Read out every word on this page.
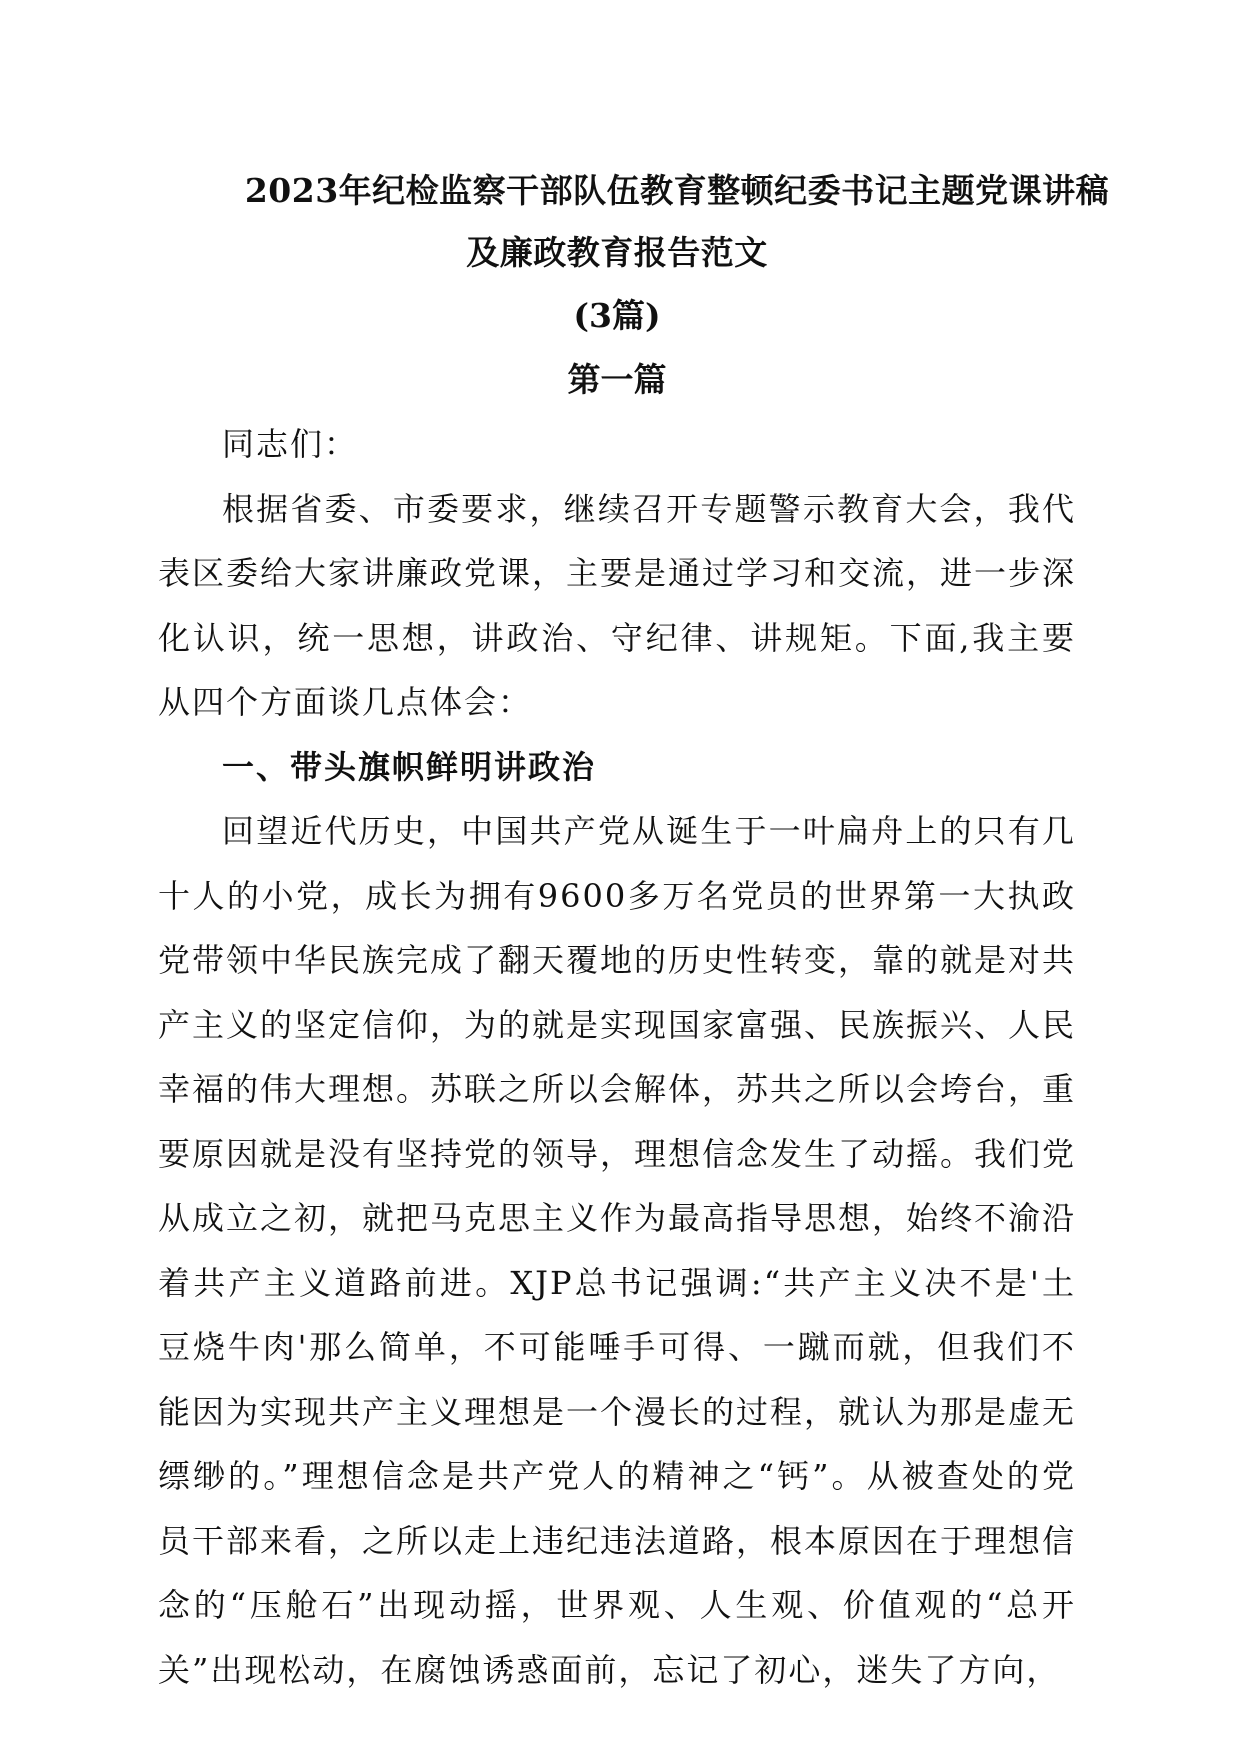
2023年纪检监察干部队伍教育整顿纪委书记主题党课讲稿
及廉政教育报告范文

(3篇)

第一篇

同志们：

根据省委、市委要求，继续召开专题警示教育大会，我代表区委给大家讲廉政党课，主要是通过学习和交流，进一步深化认识，统一思想，讲政治、守纪律、讲规矩。下面,我主要从四个方面谈几点体会：

一、带头旗帜鲜明讲政治

回望近代历史，中国共产党从诞生于一叶扁舟上的只有几十人的小党，成长为拥有9600多万名党员的世界第一大执政党带领中华民族完成了翻天覆地的历史性转变，靠的就是对共产主义的坚定信仰，为的就是实现国家富强、民族振兴、人民幸福的伟大理想。苏联之所以会解体，苏共之所以会垮台，重要原因就是没有坚持党的领导，理想信念发生了动摇。我们党从成立之初，就把马克思主义作为最高指导思想，始终不渝沿着共产主义道路前进。XJP总书记强调:“共产主义决不是'土豆烧牛肉'那么简单，不可能唾手可得、一蹴而就，但我们不能因为实现共产主义理想是一个漫长的过程，就认为那是虚无缥缈的。”理想信念是共产党人的精神之“钙”。从被查处的党员干部来看，之所以走上违纪违法道路，根本原因在于理想信念的“压舱石”出现动摇，世界观、人生观、价值观的“总开关”出现松动，在腐蚀诱惑面前，忘记了初心，迷失了方向，
